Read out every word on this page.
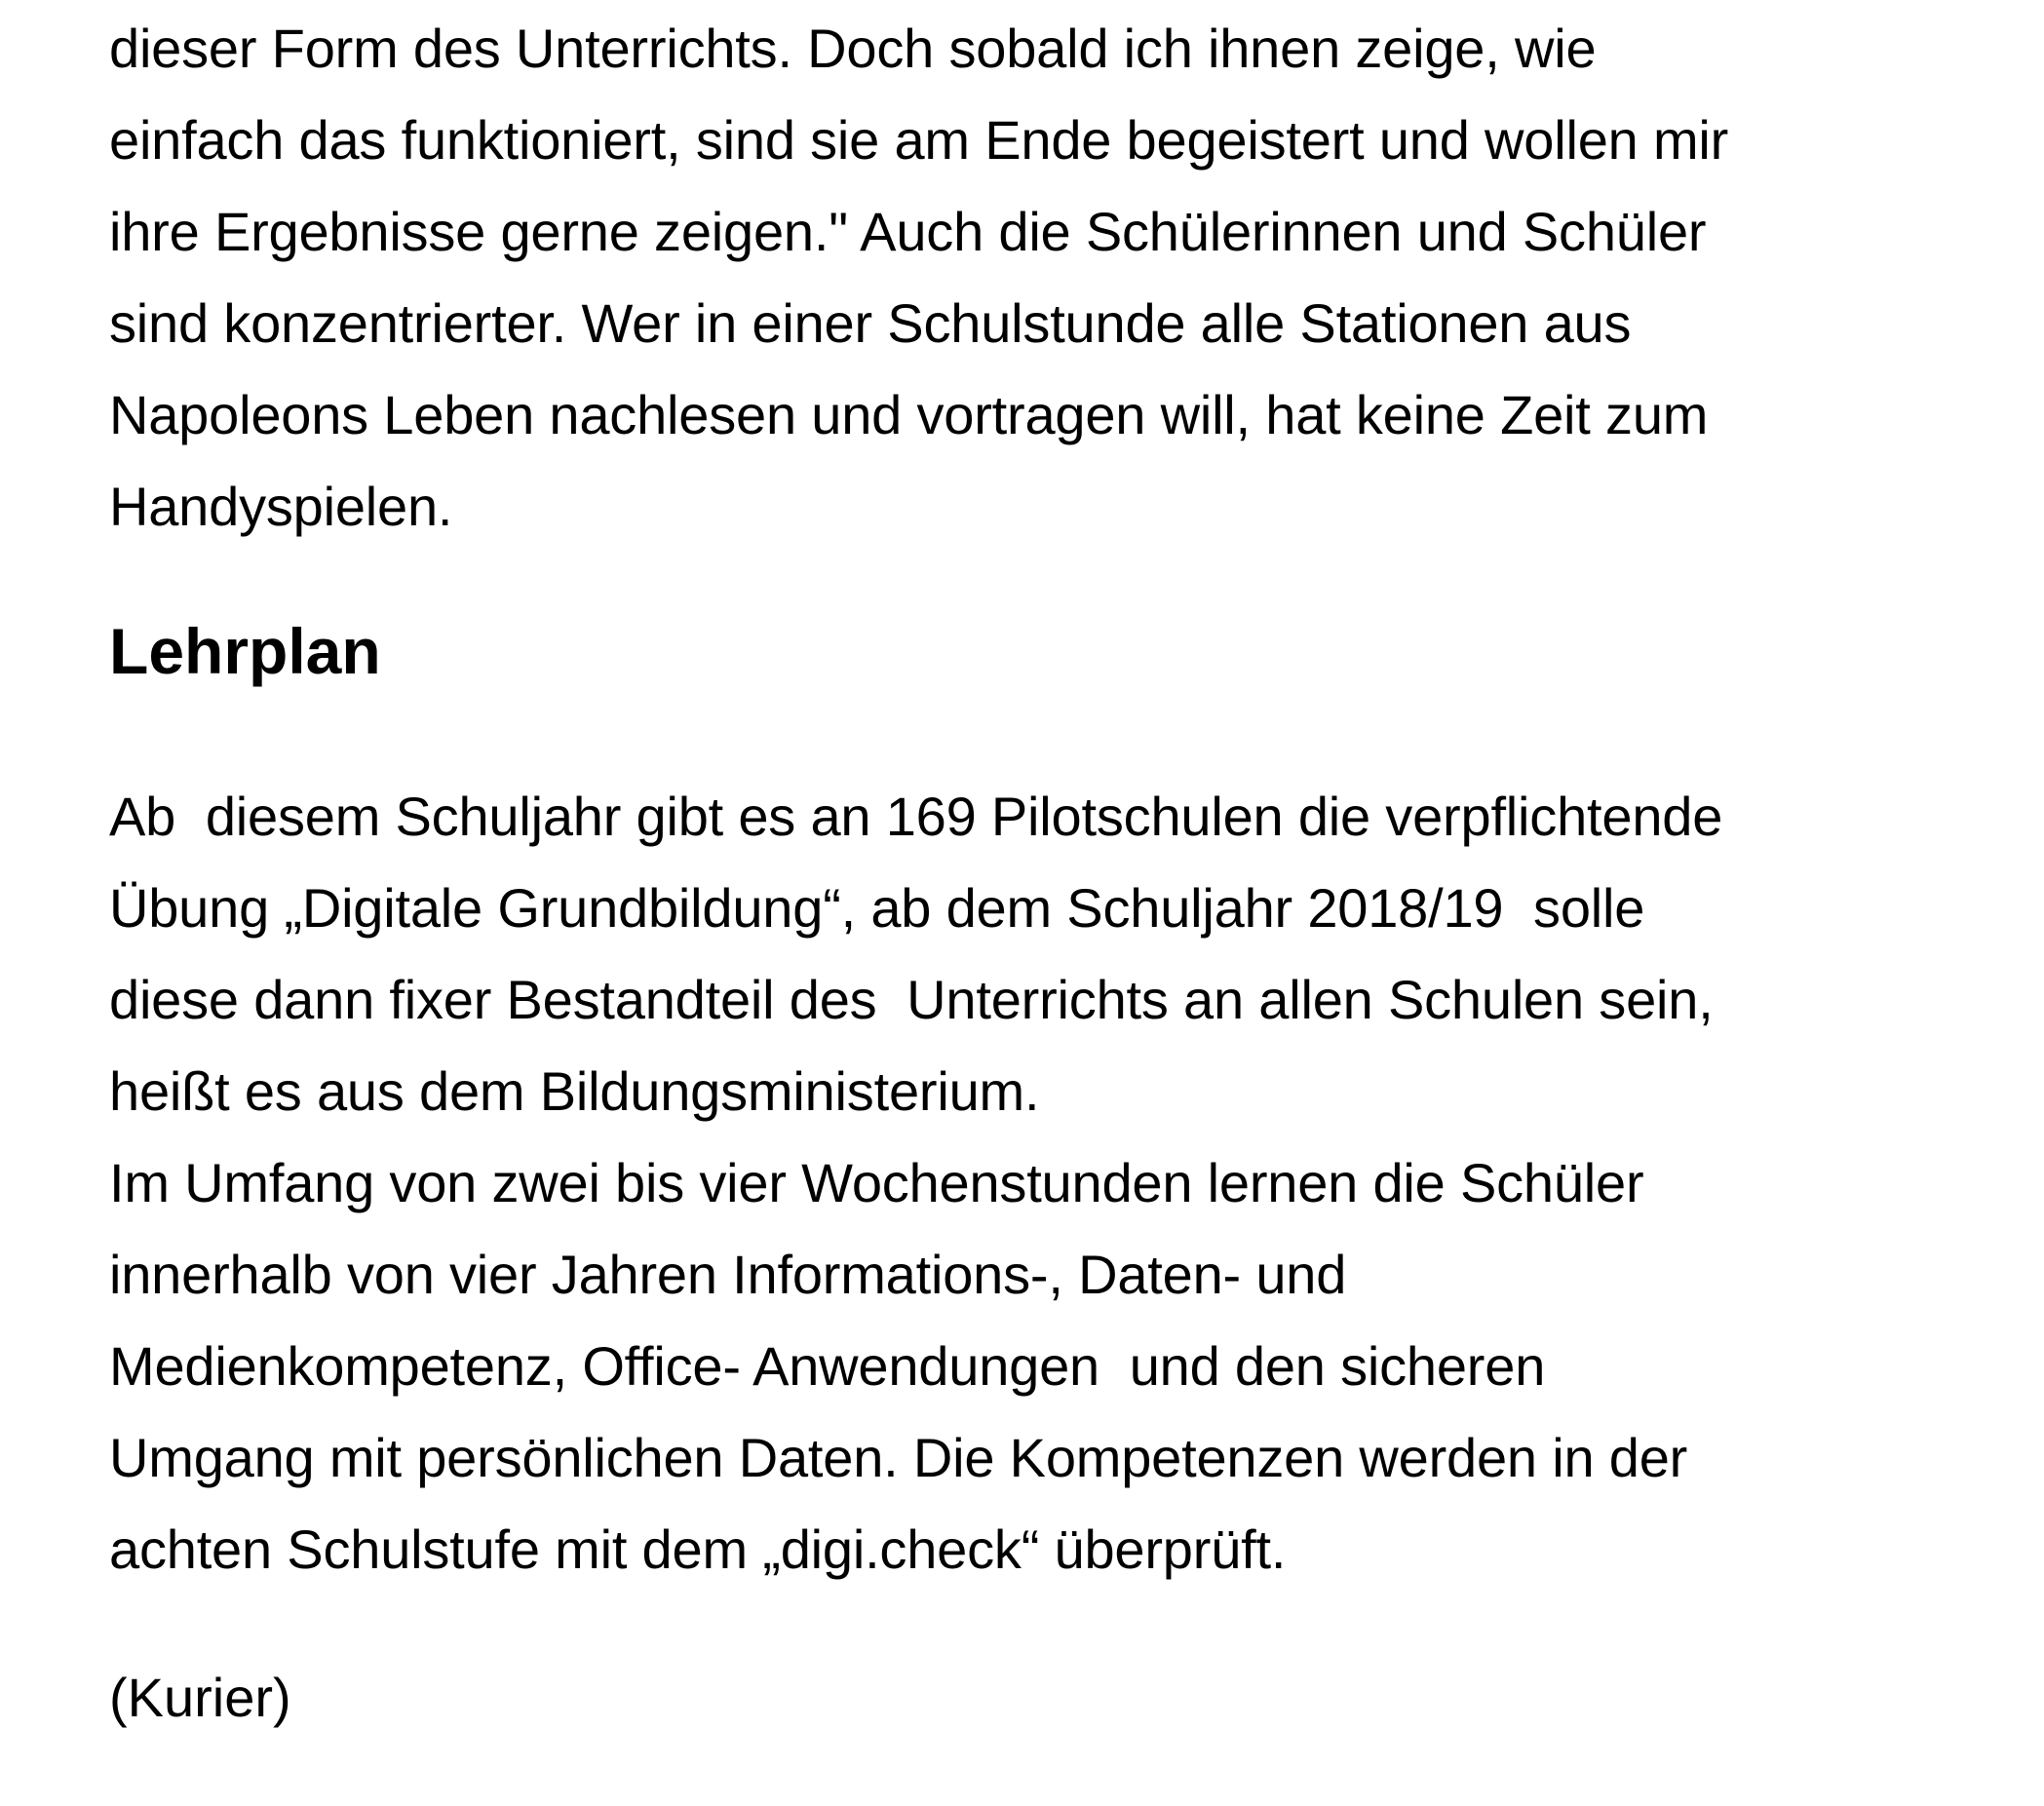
dieser Form des Unterrichts. Doch sobald ich ihnen zeige, wie
einfach das funktioniert, sind sie am Ende begeistert und wollen mir
ihre Ergebnisse gerne zeigen." Auch die Schülerinnen und Schüler
sind konzentrierter. Wer in einer Schulstunde alle Stationen aus
Napoleons Leben nachlesen und vortragen will, hat keine Zeit zum
Handyspielen.
Lehrplan
Ab  diesem Schuljahr gibt es an 169 Pilotschulen die verpflichtende
Übung „Digitale Grundbildung“, ab dem Schuljahr 2018/19  solle
diese dann fixer Bestandteil des  Unterrichts an allen Schulen sein,
heißt es aus dem Bildungsministerium.
Im Umfang von zwei bis vier Wochenstunden lernen die Schüler
innerhalb von vier Jahren Informations-, Daten- und
Medienkompetenz, Office- Anwendungen  und den sicheren
Umgang mit persönlichen Daten. Die Kompetenzen werden in der
achten Schulstufe mit dem „digi.check“ überprüft.
(Kurier)
